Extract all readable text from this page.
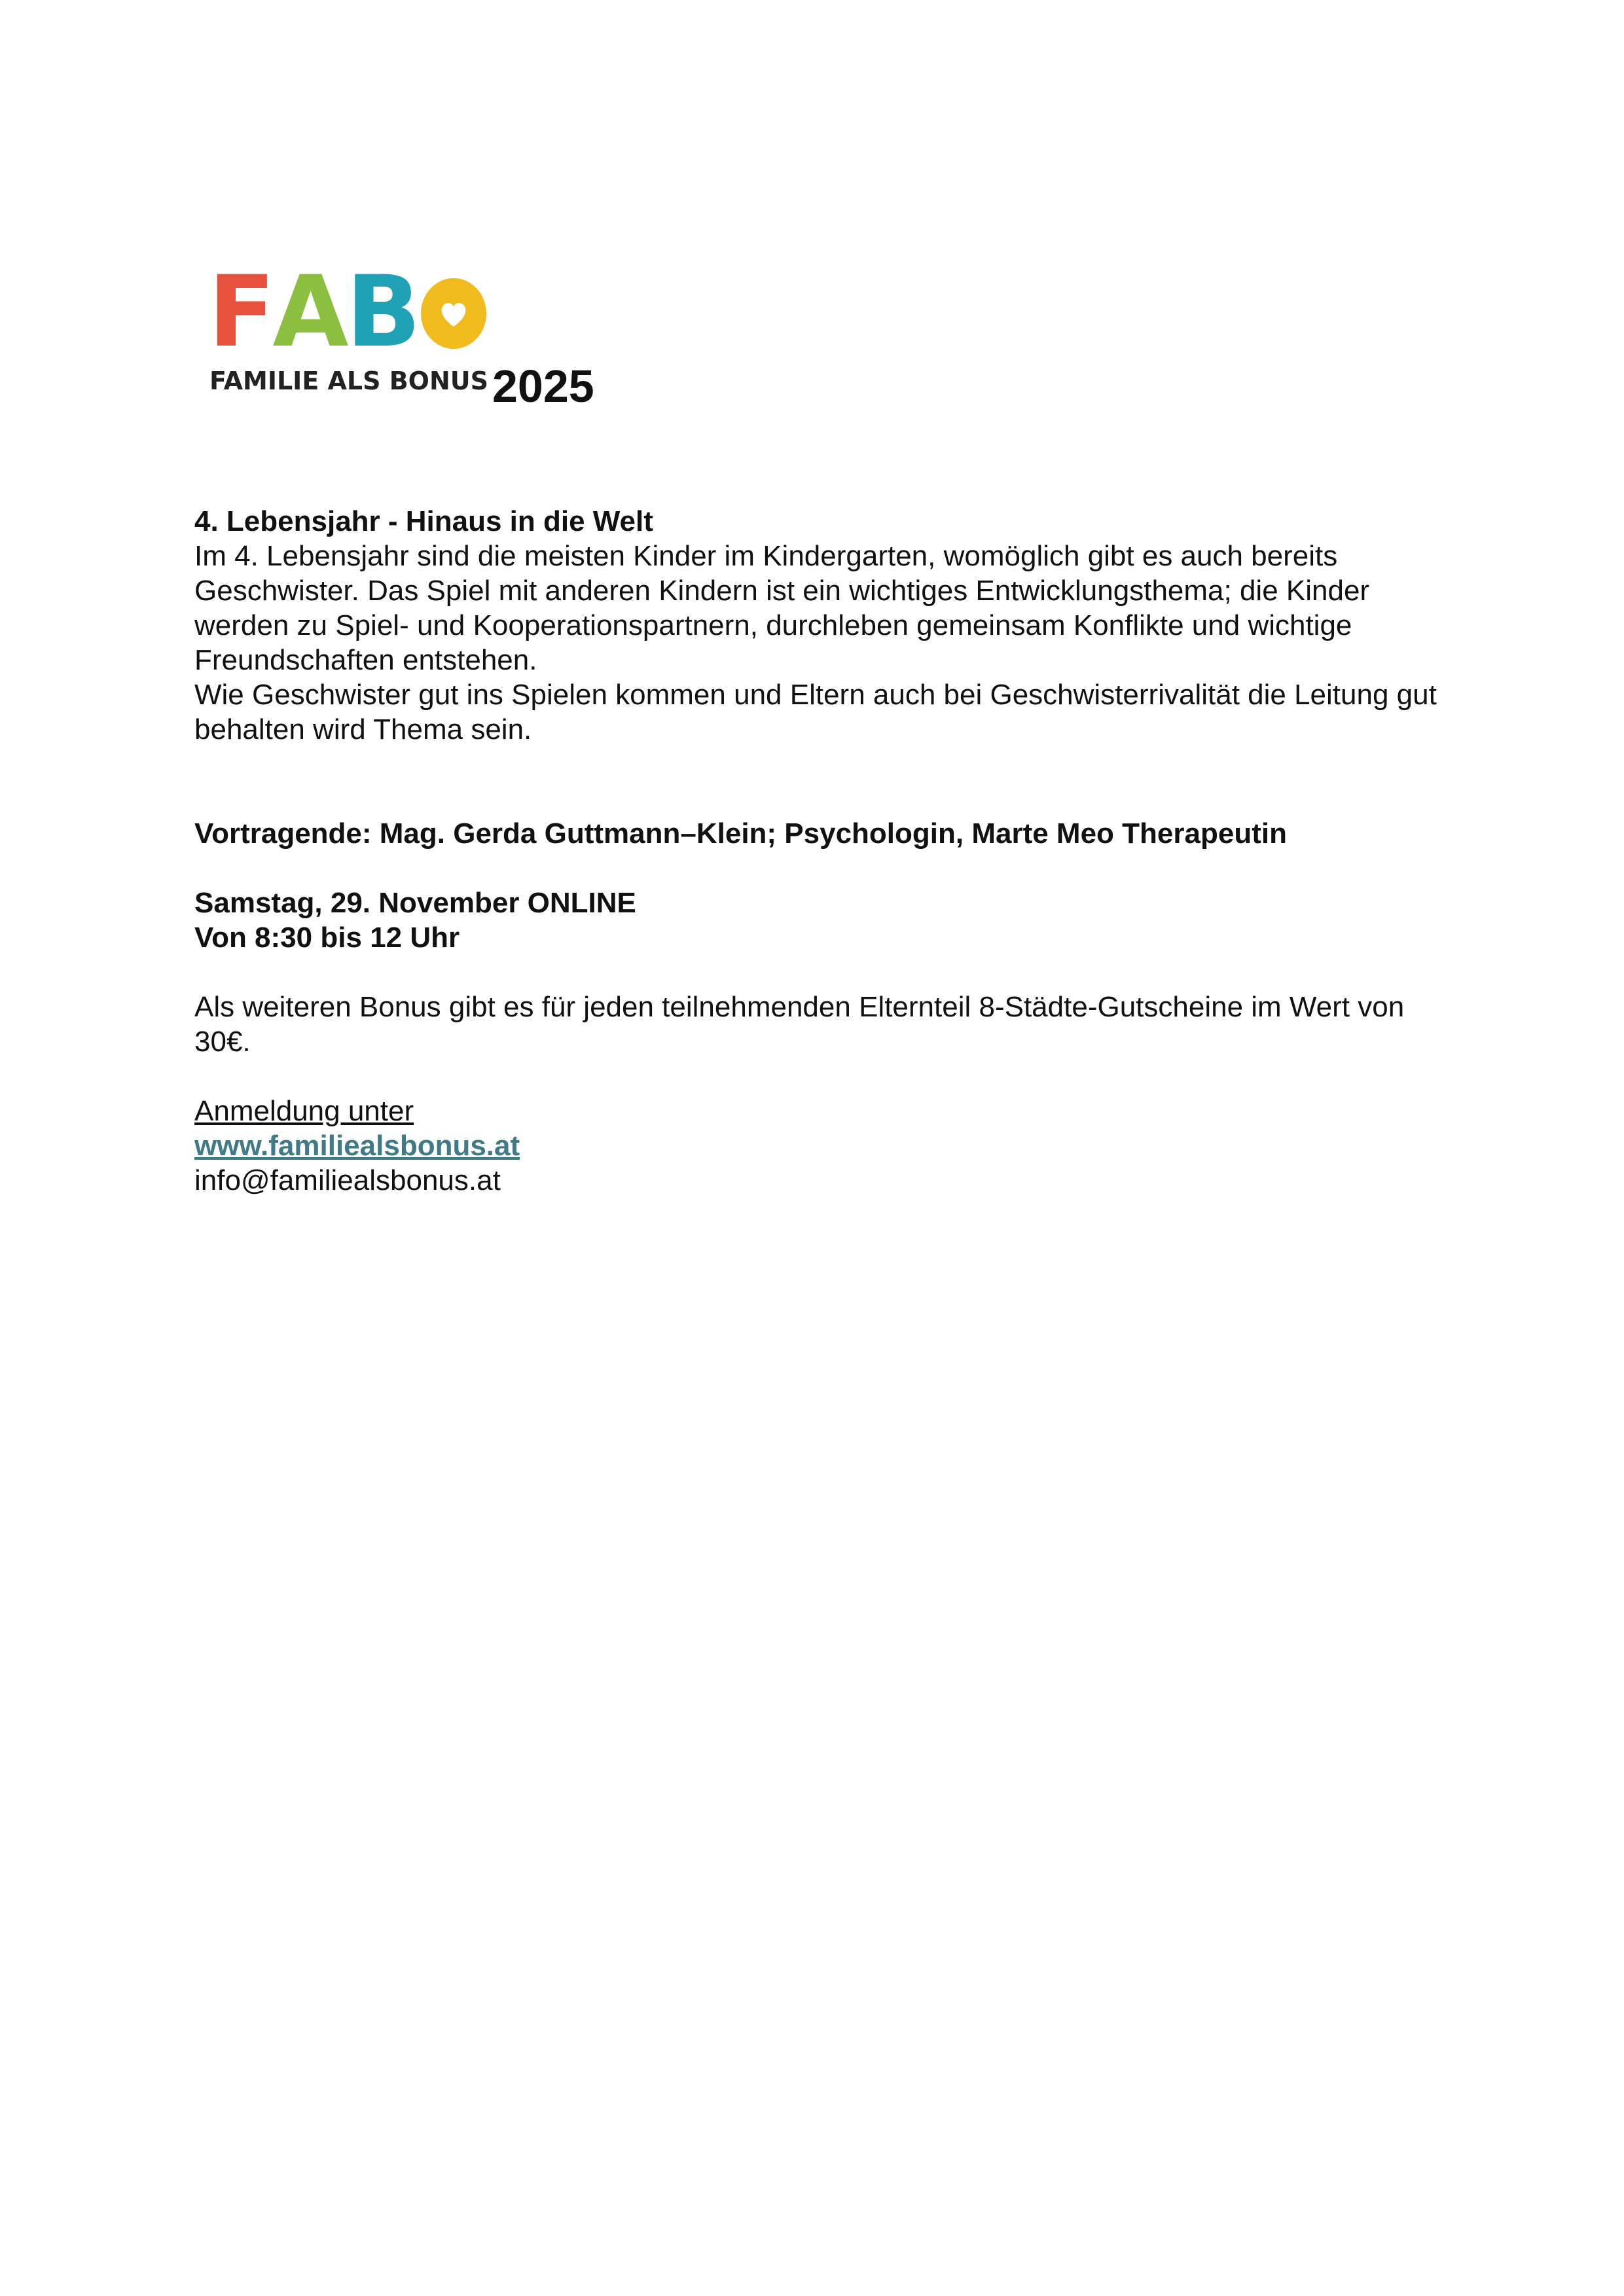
F A B
FAMILIE ALS BONUS 2025

4. Lebensjahr - Hinaus in die Welt

Im 4. Lebensjahr sind die meisten Kinder im Kindergarten, womöglich gibt es auch bereits Geschwister. Das Spiel mit anderen Kindern ist ein wichtiges Entwicklungsthema; die Kinder werden zu Spiel- und Kooperationspartnern, durchleben gemeinsam Konflikte und wichtige Freundschaften entstehen.

Wie Geschwister gut ins Spielen kommen und Eltern auch bei Geschwisterrivalität die Leitung gut behalten wird Thema sein.

Vortragende: Mag. Gerda Guttmann–Klein; Psychologin, Marte Meo Therapeutin

Samstag, 29. November ONLINE

Von 8:30 bis 12 Uhr

Als weiteren Bonus gibt es für jeden teilnehmenden Elternteil 8-Städte-Gutscheine im Wert von 30€.

Anmeldung unter

www.familiealsbonus.at

info@familiealsbonus.at
